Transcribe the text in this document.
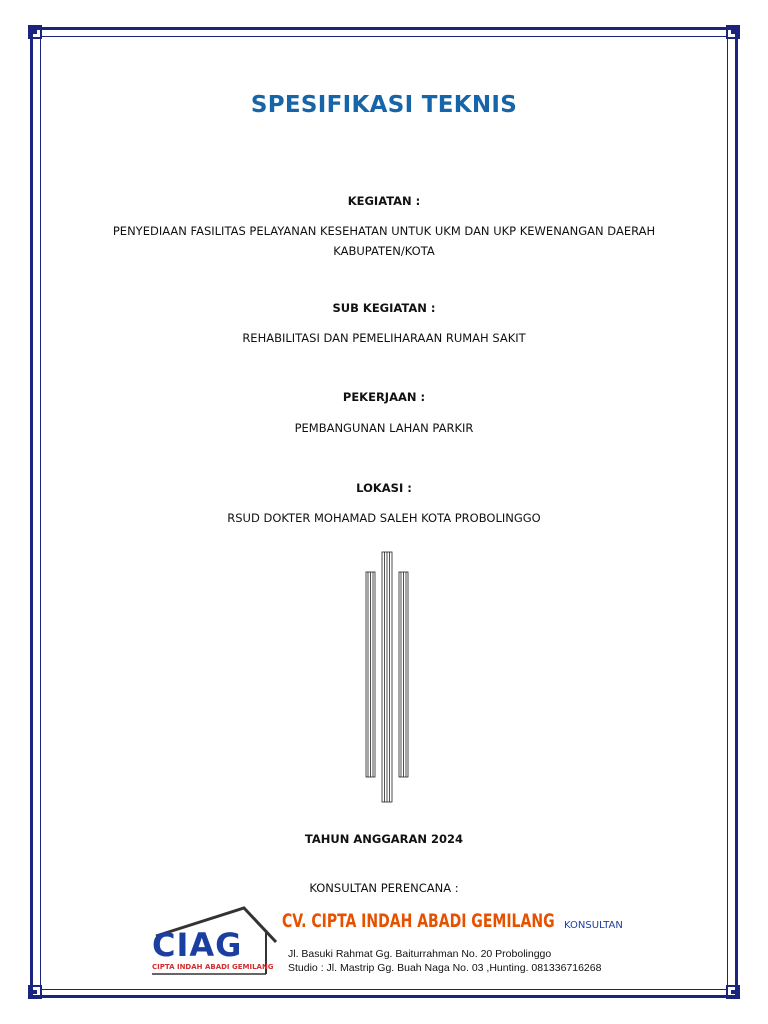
SPESIFIKASI TEKNIS
KEGIATAN :
PENYEDIAAN FASILITAS PELAYANAN KESEHATAN UNTUK UKM DAN UKP KEWENANGAN DAERAH KABUPATEN/KOTA
SUB KEGIATAN :
REHABILITASI DAN PEMELIHARAAN RUMAH SAKIT
PEKERJAAN :
PEMBANGUNAN LAHAN PARKIR
LOKASI :
RSUD DOKTER MOHAMAD SALEH KOTA PROBOLINGGO
TAHUN ANGGARAN 2024
KONSULTAN PERENCANA :
CIAG
CIPTA INDAH ABADI GEMILANG
CV. CIPTA INDAH ABADI GEMILANG KONSULTAN
Jl. Basuki Rahmat Gg. Baiturrahman No. 20 Probolinggo
Studio : Jl. Mastrip Gg. Buah Naga No. 03 ,Hunting. 081336716268
